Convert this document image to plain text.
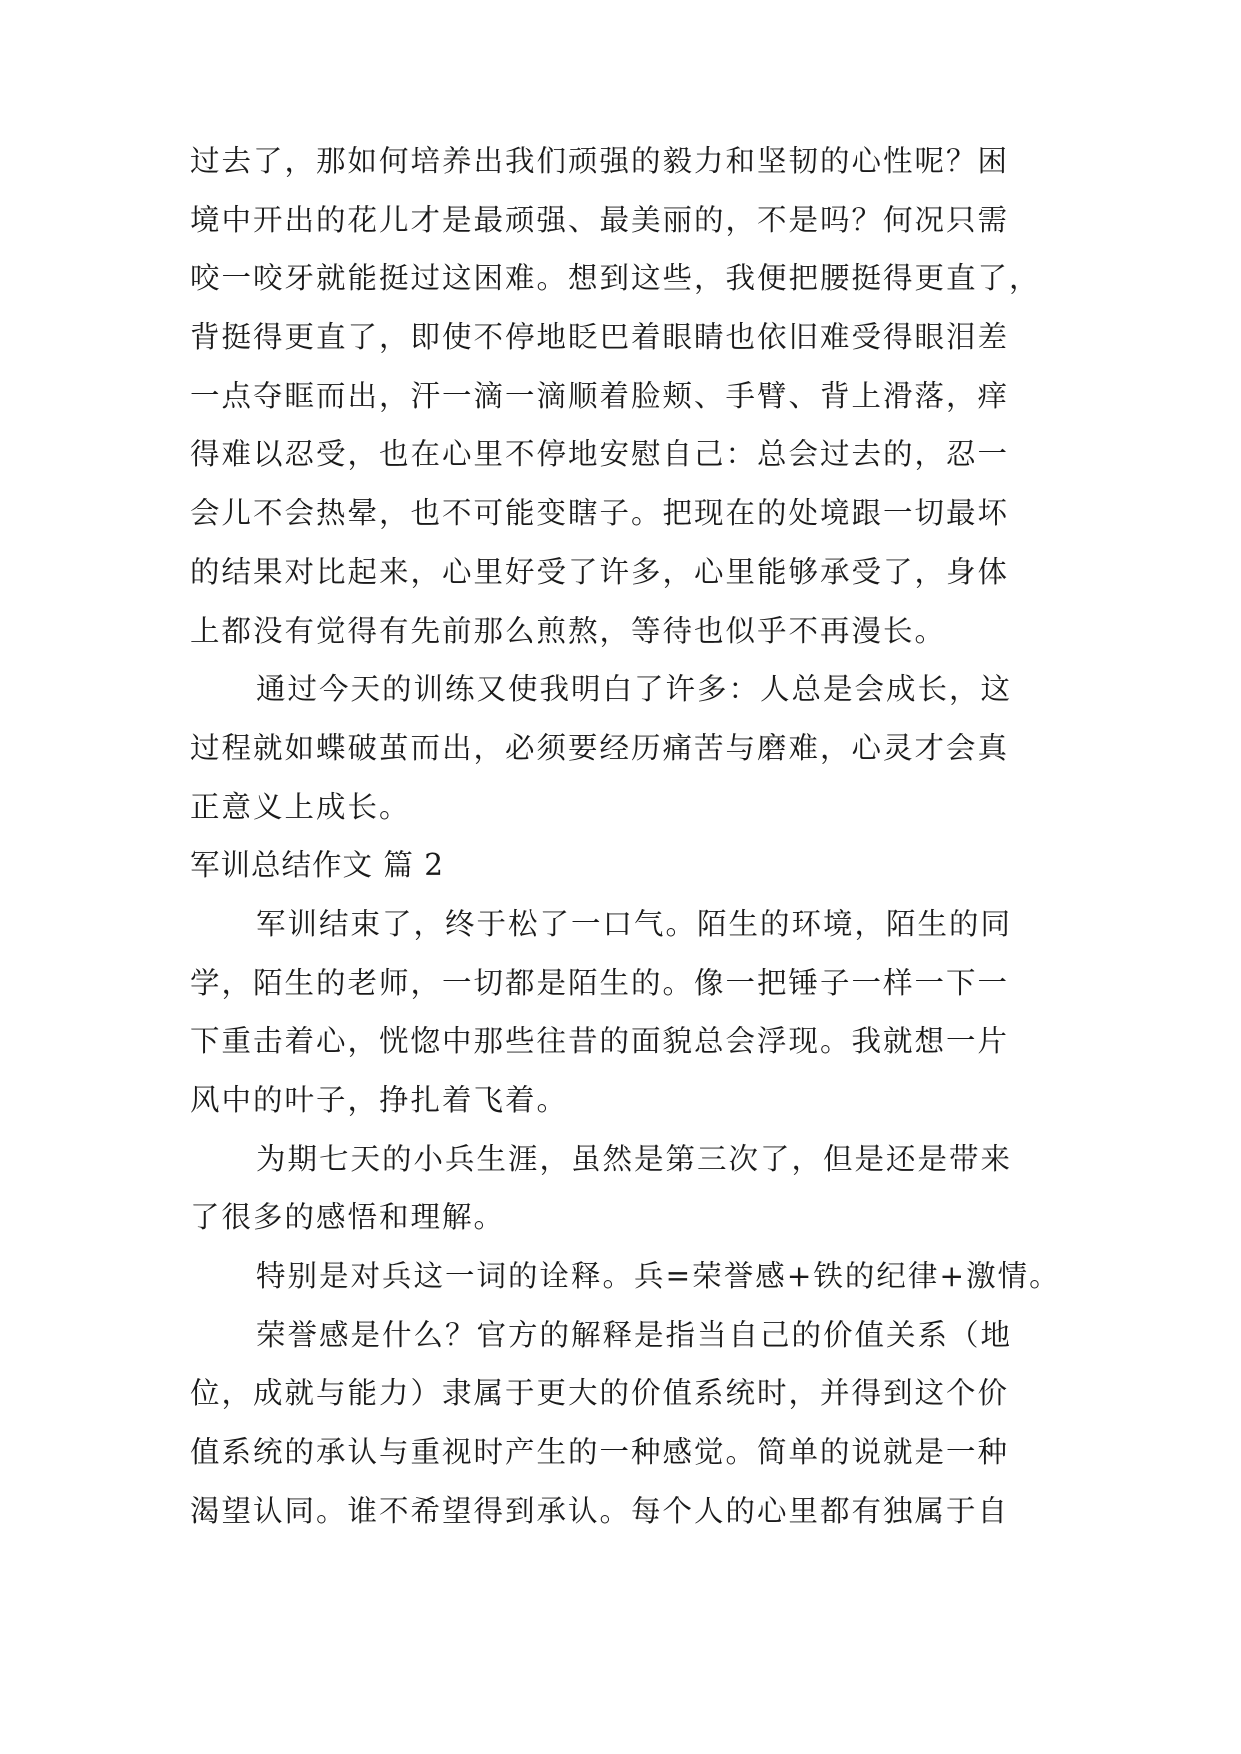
过去了，那如何培养出我们顽强的毅力和坚韧的心性呢？困
境中开出的花儿才是最顽强、最美丽的，不是吗？何况只需
咬一咬牙就能挺过这困难。想到这些，我便把腰挺得更直了，
背挺得更直了，即使不停地眨巴着眼睛也依旧难受得眼泪差
一点夺眶而出，汗一滴一滴顺着脸颊、手臂、背上滑落，痒
得难以忍受，也在心里不停地安慰自己：总会过去的，忍一
会儿不会热晕，也不可能变瞎子。把现在的处境跟一切最坏
的结果对比起来，心里好受了许多，心里能够承受了，身体
上都没有觉得有先前那么煎熬，等待也似乎不再漫长。
通过今天的训练又使我明白了许多：人总是会成长，这
过程就如蝶破茧而出，必须要经历痛苦与磨难，心灵才会真
正意义上成长。
军训总结作文 篇 2
军训结束了，终于松了一口气。陌生的环境，陌生的同
学，陌生的老师，一切都是陌生的。像一把锤子一样一下一
下重击着心，恍惚中那些往昔的面貌总会浮现。我就想一片
风中的叶子，挣扎着飞着。
为期七天的小兵生涯，虽然是第三次了，但是还是带来
了很多的感悟和理解。
特别是对兵这一词的诠释。兵=荣誉感+铁的纪律+激情。
荣誉感是什么？官方的解释是指当自己的价值关系（地
位，成就与能力）隶属于更大的价值系统时，并得到这个价
值系统的承认与重视时产生的一种感觉。简单的说就是一种
渴望认同。谁不希望得到承认。每个人的心里都有独属于自
